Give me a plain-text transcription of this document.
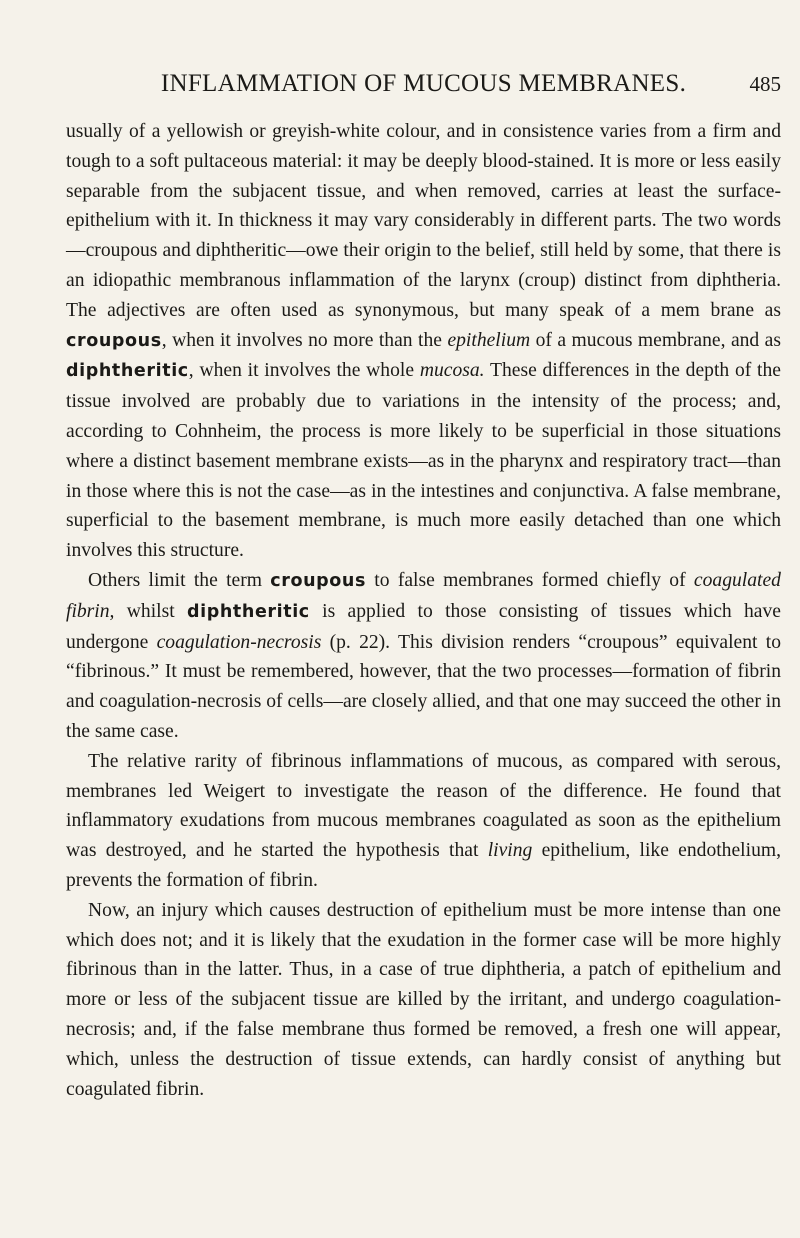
INFLAMMATION OF MUCOUS MEMBRANES.	485

usually of a yellowish or greyish-white colour, and in consistence varies from a firm and tough to a soft pultaceous material: it may be deeply blood-stained. It is more or less easily separable from the subjacent tissue, and when removed, carries at least the surface-epithelium with it. In thickness it may vary considerably in different parts. The two words—croupous and diphtheritic—owe their origin to the belief, still held by some, that there is an idiopathic membranous inflammation of the larynx (croup) distinct from diphtheria. The adjectives are often used as synonymous, but many speak of a mem brane as croupous, when it involves no more than the epithelium of a mucous membrane, and as diphtheritic, when it involves the whole mucosa. These differences in the depth of the tissue involved are probably due to variations in the intensity of the process; and, according to Cohnheim, the process is more likely to be superficial in those situations where a distinct basement membrane exists—as in the pharynx and respiratory tract—than in those where this is not the case—as in the intestines and conjunctiva. A false membrane, superficial to the basement membrane, is much more easily detached than one which involves this structure.

Others limit the term croupous to false membranes formed chiefly of coagulated fibrin, whilst diphtheritic is applied to those consisting of tissues which have undergone coagulation-necrosis (p. 22). This division renders “croupous” equivalent to “fibrinous.” It must be remembered, however, that the two processes—formation of fibrin and coagulation-necrosis of cells—are closely allied, and that one may succeed the other in the same case.

The relative rarity of fibrinous inflammations of mucous, as compared with serous, membranes led Weigert to investigate the reason of the difference. He found that inflammatory exudations from mucous membranes coagulated as soon as the epithelium was destroyed, and he started the hypothesis that living epithelium, like endothelium, prevents the formation of fibrin.

Now, an injury which causes destruction of epithelium must be more intense than one which does not; and it is likely that the exudation in the former case will be more highly fibrinous than in the latter. Thus, in a case of true diphtheria, a patch of epithelium and more or less of the subjacent tissue are killed by the irritant, and undergo coagulation-necrosis; and, if the false membrane thus formed be removed, a fresh one will appear, which, unless the destruction of tissue extends, can hardly consist of anything but coagulated fibrin.
